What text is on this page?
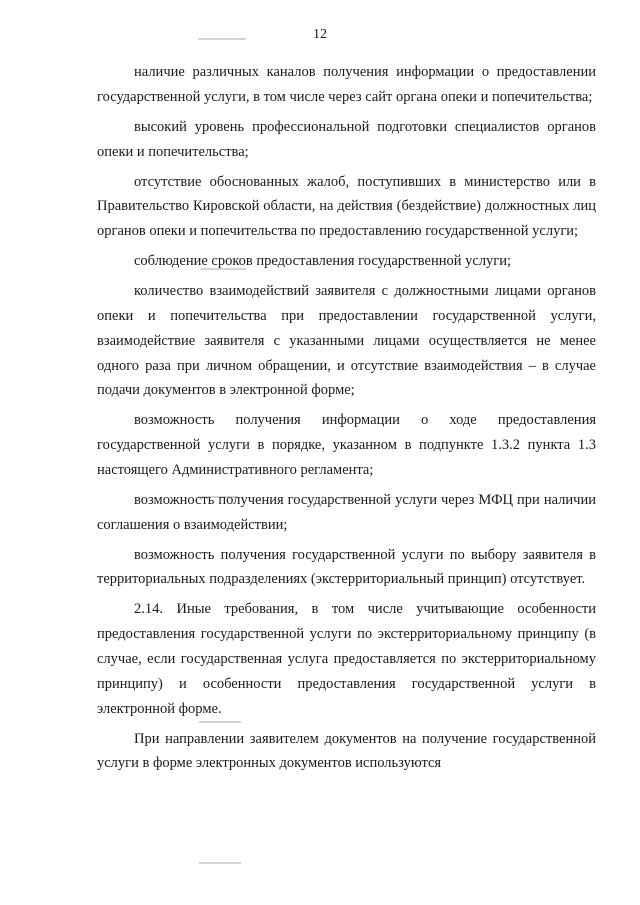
12

наличие различных каналов получения информации о предоставлении государственной услуги, в том числе через сайт органа опеки и попечительства;

высокий уровень профессиональной подготовки специалистов органов опеки и попечительства;

отсутствие обоснованных жалоб, поступивших в министерство или в Правительство Кировской области, на действия (бездействие) должностных лиц органов опеки и попечительства по предоставлению государственной услуги;

соблюдение сроков предоставления государственной услуги;

количество взаимодействий заявителя с должностными лицами органов опеки и попечительства при предоставлении государственной услуги, взаимодействие заявителя с указанными лицами осуществляется не менее одного раза при личном обращении, и отсутствие взаимодействия – в случае подачи документов в электронной форме;

возможность получения информации о ходе предоставления государственной услуги в порядке, указанном в подпункте 1.3.2 пункта 1.3 настоящего Административного регламента;

возможность получения государственной услуги через МФЦ при наличии соглашения о взаимодействии;

возможность получения государственной услуги по выбору заявителя в территориальных подразделениях (экстерриториальный принцип) отсутствует.

2.14. Иные требования, в том числе учитывающие особенности предоставления государственной услуги по экстерриториальному принципу (в случае, если государственная услуга предоставляется по экстерриториальному принципу) и особенности предоставления государственной услуги в электронной форме.

При направлении заявителем документов на получение государственной услуги в форме электронных документов используются
